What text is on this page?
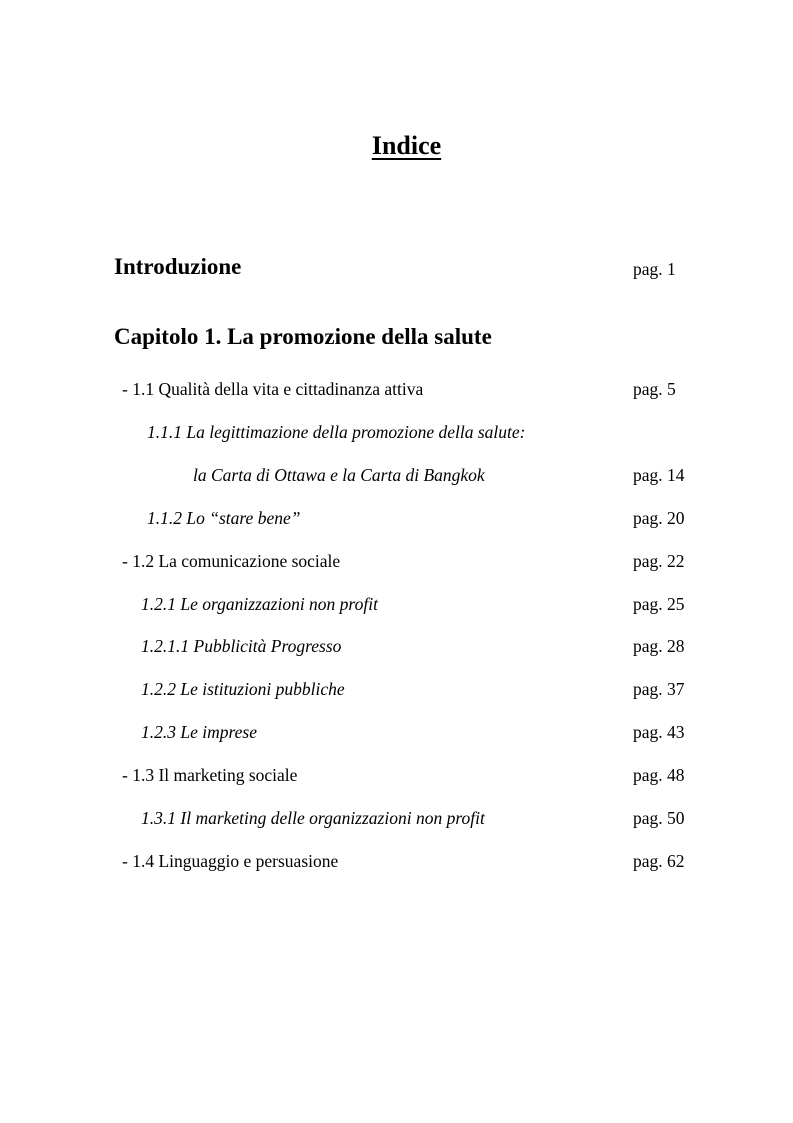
Indice
Introduzione	pag. 1
Capitolo 1. La promozione della salute
- 1.1 Qualità della vita e cittadinanza attiva	pag. 5
1.1.1 La legittimazione della promozione della salute:
la Carta di Ottawa e la Carta di Bangkok	pag. 14
1.1.2 Lo “stare bene”	pag. 20
- 1.2 La comunicazione sociale	pag. 22
1.2.1 Le organizzazioni non profit	pag. 25
1.2.1.1 Pubblicità Progresso	pag. 28
1.2.2 Le istituzioni pubbliche	pag. 37
1.2.3 Le imprese	pag. 43
- 1.3 Il marketing sociale	pag. 48
1.3.1 Il marketing delle organizzazioni non profit	pag. 50
- 1.4 Linguaggio e persuasione	pag. 62
